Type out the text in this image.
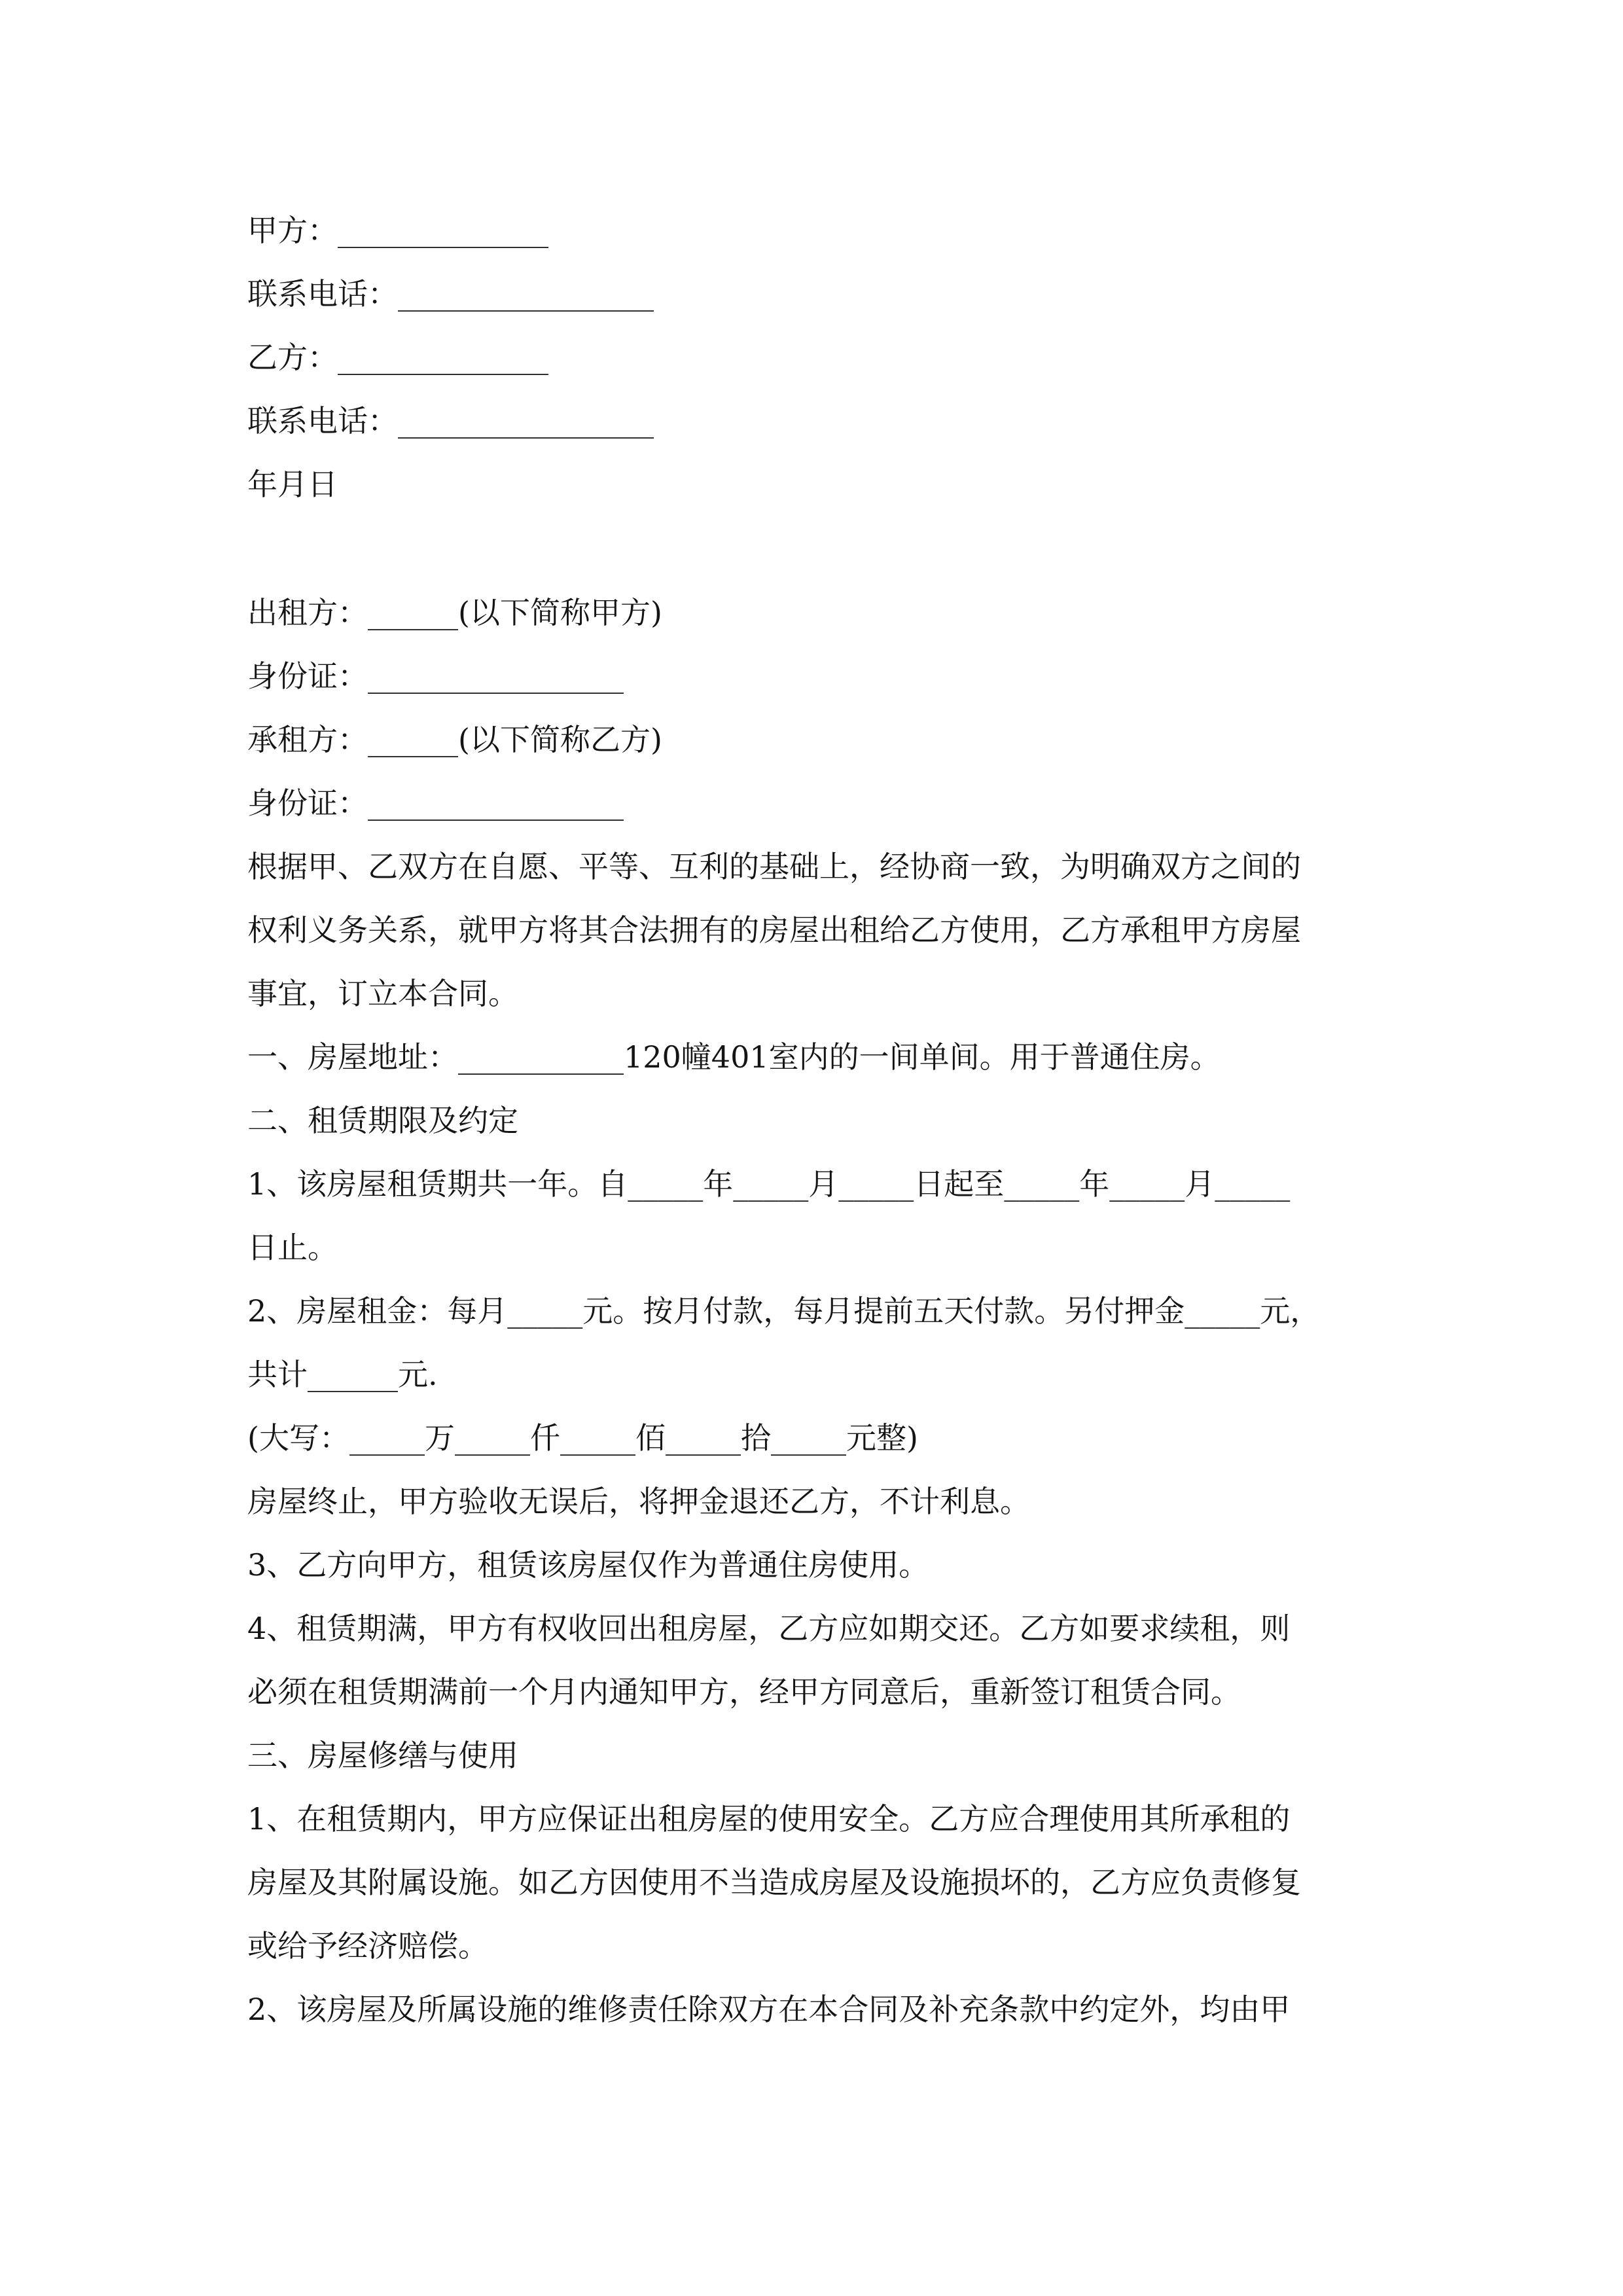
甲方：______________

联系电话：_________________

乙方：______________

联系电话：_________________

年月日

出租方：______(以下简称甲方)

身份证：_________________

承租方：______(以下简称乙方)

身份证：_________________

根据甲、乙双方在自愿、平等、互利的基础上，经协商一致，为明确双方之间的

权利义务关系，就甲方将其合法拥有的房屋出租给乙方使用，乙方承租甲方房屋

事宜，订立本合同。

一、房屋地址：___________120幢401室内的一间单间。用于普通住房。

二、租赁期限及约定

1、该房屋租赁期共一年。自_____年_____月_____日起至_____年_____月_____

日止。

2、房屋租金：每月_____元。按月付款，每月提前五天付款。另付押金_____元，

共计______元.

(大写：_____万_____仟_____佰_____拾_____元整)

房屋终止，甲方验收无误后，将押金退还乙方，不计利息。

3、乙方向甲方，租赁该房屋仅作为普通住房使用。

4、租赁期满，甲方有权收回出租房屋，乙方应如期交还。乙方如要求续租，则

必须在租赁期满前一个月内通知甲方，经甲方同意后，重新签订租赁合同。

三、房屋修缮与使用

1、在租赁期内，甲方应保证出租房屋的使用安全。乙方应合理使用其所承租的

房屋及其附属设施。如乙方因使用不当造成房屋及设施损坏的，乙方应负责修复

或给予经济赔偿。

2、该房屋及所属设施的维修责任除双方在本合同及补充条款中约定外，均由甲
